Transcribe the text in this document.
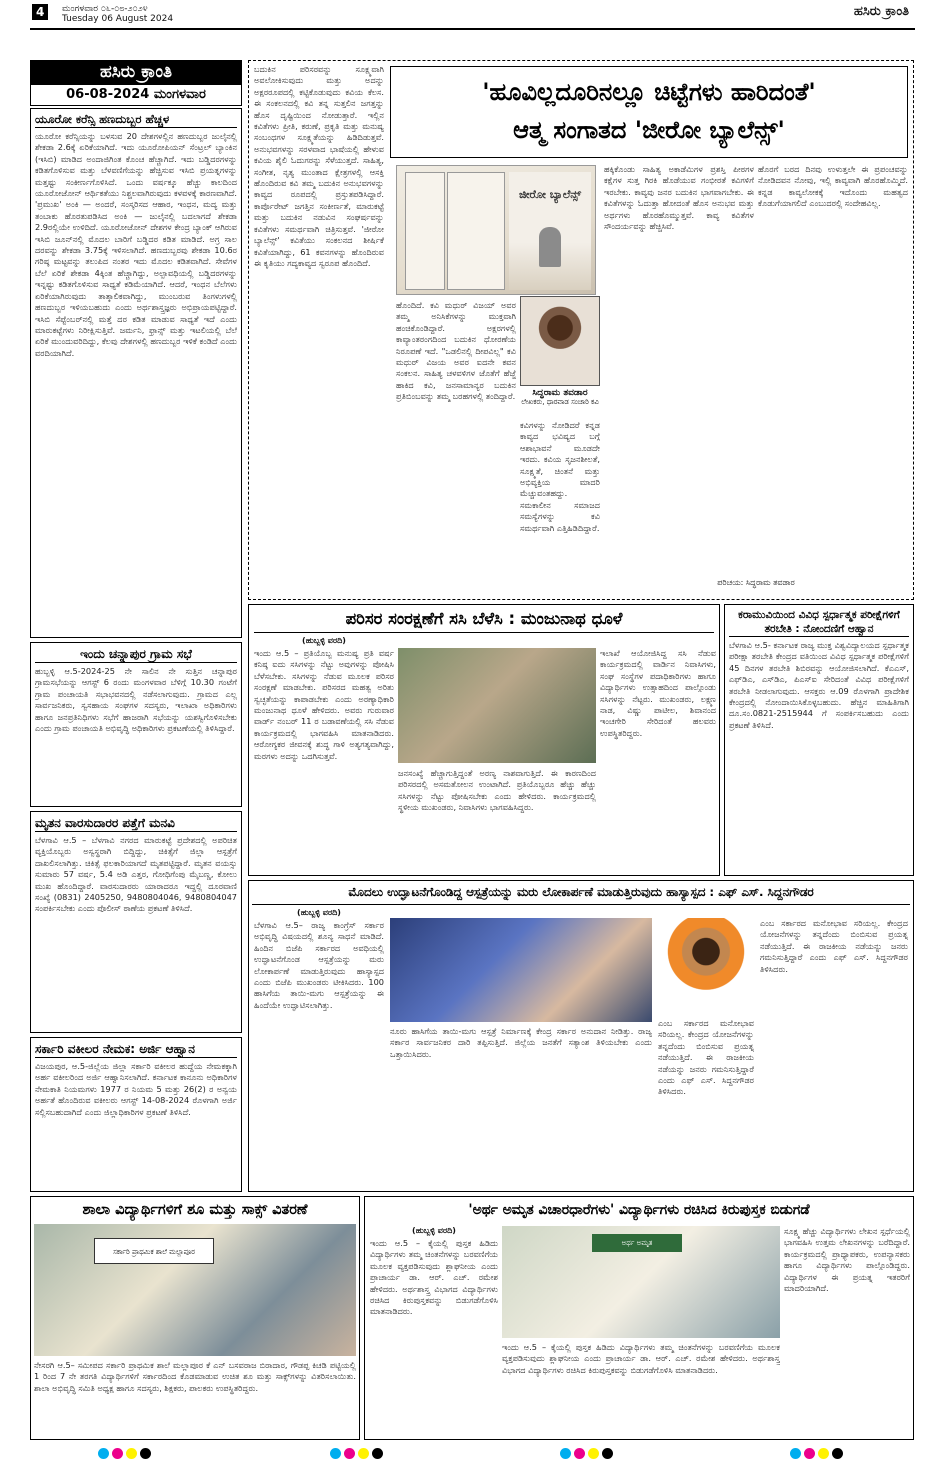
4	ಮಂಗಳವಾರ ೦೬-೦೮-೨೦೨೪
Tuesday 06 August 2024	ಹಸಿರು ಕ್ರಾಂತಿ
ಹಸಿರು ಕ್ರಾಂತಿ
06-08-2024 ಮಂಗಳವಾರ
ಯೂರೋ ಕರೆನ್ಸಿ ಹಣದುಬ್ಬರ ಹೆಚ್ಚಳ
ಯೂರೋ ಕರೆನ್ಸಿಯನ್ನು ಬಳಸುವ 20 ದೇಶಗಳಲ್ಲಿನ ಹಣದುಬ್ಬರ ಜುಲೈನಲ್ಲಿ ಶೇಕಡಾ 2.6ಕ್ಕೆ ಏರಿಕೆಯಾಗಿದೆ. ಇದು ಯೂರೋಪಿಯನ್ ಸೆಂಟ್ರಲ್ ಬ್ಯಾಂಕಿನ (ಇಸಿಬಿ) ಮಾಡಿದ ಅಂದಾಜಿಗಿಂತ ಕೊಂಚ ಹೆಚ್ಚಾಗಿದೆ. ಇದು ಬಡ್ಡಿದರಗಳನ್ನು ಕಡಿತಗೊಳಿಸುವ ಮತ್ತು ಬೆಳವಣಿಗೆಯನ್ನು ಹೆಚ್ಚಿಸುವ ಇಸಿಬಿ ಪ್ರಯತ್ನಗಳನ್ನು ಮತ್ತಷ್ಟು ಸಂಕೀರ್ಣಗೊಳಿಸಿದೆ. ಒಂದು ವರ್ಷಕ್ಕೂ ಹೆಚ್ಚು ಕಾಲದಿಂದ ಯೂರೋಜೋನ್ ಆರ್ಥಿಕತೆಯು ನಿಶ್ಚಲವಾಗಿರುವುದು ಕಳವಳಕ್ಕೆ ಕಾರಣವಾಗಿದೆ. 'ಪ್ರಮುಖ' ಅಂಕಿ — ಅಂದರೆ, ಸಂಸ್ಕರಿಸದ ಆಹಾರ, ಇಂಧನ, ಮದ್ಯ ಮತ್ತು ತಂಬಾಕು ಹೊರತುಪಡಿಸಿದ ಅಂಕಿ — ಜುಲೈನಲ್ಲಿ ಬದಲಾಗದೆ ಶೇಕಡಾ 2.9ರಲ್ಲಿಯೇ ಉಳಿದಿದೆ. ಯೂರೋಜೋನ್ ದೇಶಗಳ ಕೇಂದ್ರ ಬ್ಯಾಂಕ್ ಆಗಿರುವ ಇಸಿಬಿ ಜೂನ್‌ನಲ್ಲಿ ಮೊದಲ ಬಾರಿಗೆ ಬಡ್ಡಿದರ ಕಡಿತ ಮಾಡಿದೆ. ಅಗ್ರ ಸಾಲ ದರವನ್ನು ಶೇಕಡಾ 3.75ಕ್ಕೆ ಇಳಿಸಲಾಗಿದೆ. ಹಣದುಬ್ಬರವು ಶೇಕಡಾ 10.6ರ ಗರಿಷ್ಠ ಮಟ್ಟವನ್ನು ತಲುಪಿದ ನಂತರ ಇದು ಮೊದಲ ಕಡಿತವಾಗಿದೆ. ಸೇವೆಗಳ ಬೆಲೆ ಏರಿಕೆ ಶೇಕಡಾ 4ಕ್ಕಿಂತ ಹೆಚ್ಚಾಗಿದ್ದು, ಅಲ್ಪಾವಧಿಯಲ್ಲಿ ಬಡ್ಡಿದರಗಳನ್ನು ಇನ್ನಷ್ಟು ಕಡಿತಗೊಳಿಸುವ ಸಾಧ್ಯತೆ ಕಡಿಮೆಯಾಗಿದೆ. ಆದರೆ, ಇಂಧನ ಬೆಲೆಗಳು ಏರಿಕೆಯಾಗಿರುವುದು ತಾತ್ಕಾಲಿಕವಾಗಿದ್ದು, ಮುಂಬರುವ ತಿಂಗಳುಗಳಲ್ಲಿ ಹಣದುಬ್ಬರ ಇಳಿಯಬಹುದು ಎಂದು ಅರ್ಥಶಾಸ್ತ್ರಜ್ಞರು ಅಭಿಪ್ರಾಯಪಟ್ಟಿದ್ದಾರೆ. ಇಸಿಬಿ ಸೆಪ್ಟೆಂಬರ್‌ನಲ್ಲಿ ಮತ್ತೆ ದರ ಕಡಿತ ಮಾಡುವ ಸಾಧ್ಯತೆ ಇದೆ ಎಂದು ಮಾರುಕಟ್ಟೆಗಳು ನಿರೀಕ್ಷಿಸುತ್ತಿವೆ. ಜರ್ಮನಿ, ಫ್ರಾನ್ಸ್ ಮತ್ತು ಇಟಲಿಯಲ್ಲಿ ಬೆಲೆ ಏರಿಕೆ ಮುಂದುವರಿದಿದ್ದು, ಕೆಲವು ದೇಶಗಳಲ್ಲಿ ಹಣದುಬ್ಬರ ಇಳಿಕೆ ಕಂಡಿದೆ ಎಂದು ವರದಿಯಾಗಿದೆ.
ಇಂದು ಚನ್ನಾಪುರ ಗ್ರಾಮ ಸಭೆ
ಹುಬ್ಬಳ್ಳಿ ಆ.5-2024-25 ನೇ ಸಾಲಿನ ನೇ ಸುತ್ತಿನ ಚನ್ನಾಪುರ ಗ್ರಾಮಸಭೆಯನ್ನು ಆಗಸ್ಟ್ 6 ರಂದು ಮಂಗಳವಾರ ಬೆಳಿಗ್ಗೆ 10.30 ಗಂಟೆಗೆ ಗ್ರಾಮ ಪಂಚಾಯತಿ ಸಭಾಭವನದಲ್ಲಿ ನಡೆಸಲಾಗುವುದು. ಗ್ರಾಮದ ಎಲ್ಲ ಸಾರ್ವಜನಿಕರು, ಸ್ವಸಹಾಯ ಸಂಘಗಳ ಸದಸ್ಯರು, ಇಲಾಖಾ ಅಧಿಕಾರಿಗಳು ಹಾಗೂ ಜನಪ್ರತಿನಿಧಿಗಳು ಸಭೆಗೆ ಹಾಜರಾಗಿ ಸಭೆಯನ್ನು ಯಶಸ್ವಿಗೊಳಿಸಬೇಕು ಎಂದು ಗ್ರಾಮ ಪಂಚಾಯತಿ ಅಭಿವೃದ್ಧಿ ಅಧಿಕಾರಿಗಳು ಪ್ರಕಟಣೆಯಲ್ಲಿ ತಿಳಿಸಿದ್ದಾರೆ.
ಮೃತನ ವಾರಸುದಾರರ ಪತ್ತೆಗೆ ಮನವಿ
ಬೆಳಗಾವಿ ಆ.5 – ಬೆಳಗಾವಿ ನಗರದ ಮಾರುಕಟ್ಟೆ ಪ್ರದೇಶದಲ್ಲಿ ಅಪರಿಚಿತ ವ್ಯಕ್ತಿಯೊಬ್ಬರು ಅಸ್ವಸ್ಥರಾಗಿ ಬಿದ್ದಿದ್ದು, ಚಿಕಿತ್ಸೆಗೆ ಜಿಲ್ಲಾ ಆಸ್ಪತ್ರೆಗೆ ದಾಖಲಿಸಲಾಗಿತ್ತು. ಚಿಕಿತ್ಸೆ ಫಲಕಾರಿಯಾಗದೆ ಮೃತಪಟ್ಟಿದ್ದಾರೆ. ಮೃತನ ವಯಸ್ಸು ಸುಮಾರು 57 ವರ್ಷ, 5.4 ಅಡಿ ಎತ್ತರ, ಗೋಧಿಗೆಂಪು ಮೈಬಣ್ಣ, ಕೋಲು ಮುಖ ಹೊಂದಿದ್ದಾರೆ. ವಾರಸುದಾರರು ಯಾರಾದರೂ ಇದ್ದಲ್ಲಿ ದೂರವಾಣಿ ಸಂಖ್ಯೆ (0831) 2405250, 9480804046, 9480804047 ಸಂಪರ್ಕಿಸಬೇಕು ಎಂದು ಪೊಲೀಸ್ ಠಾಣೆಯ ಪ್ರಕಟಣೆ ತಿಳಿಸಿದೆ.
ಸರ್ಕಾರಿ ವಕೀಲರ ನೇಮಕ: ಅರ್ಜಿ ಆಹ್ವಾನ
ವಿಜಯಪುರ, ಆ.5-ಜಿಲ್ಲೆಯ ಜಿಲ್ಲಾ ಸರ್ಕಾರಿ ವಕೀಲರ ಹುದ್ದೆಯ ನೇಮಕಕ್ಕಾಗಿ ಅರ್ಹ ವಕೀಲರಿಂದ ಅರ್ಜಿ ಆಹ್ವಾನಿಸಲಾಗಿದೆ. ಕರ್ನಾಟಕ ಕಾನೂನು ಅಧಿಕಾರಿಗಳ ನೇಮಕಾತಿ ನಿಯಮಗಳು 1977 ರ ನಿಯಮ 5 ಮತ್ತು 26(2) ರ ಅನ್ವಯ ಅರ್ಹತೆ ಹೊಂದಿರುವ ವಕೀಲರು ಆಗಸ್ಟ್ 14-08-2024 ರೊಳಗಾಗಿ ಅರ್ಜಿ ಸಲ್ಲಿಸಬಹುದಾಗಿದೆ ಎಂದು ಜಿಲ್ಲಾಧಿಕಾರಿಗಳ ಪ್ರಕಟಣೆ ತಿಳಿಸಿದೆ.
ಬದುಕಿನ ಪರಿಸರವನ್ನು ಸೂಕ್ಷ್ಮವಾಗಿ ಅವಲೋಕಿಸುವುದು ಮತ್ತು ಅದನ್ನು ಅಕ್ಷರರೂಪದಲ್ಲಿ ಕಟ್ಟಿಕೊಡುವುದು ಕವಿಯ ಕೆಲಸ. ಈ ಸಂಕಲನದಲ್ಲಿ ಕವಿ ತನ್ನ ಸುತ್ತಲಿನ ಜಗತ್ತನ್ನು ಹೊಸ ದೃಷ್ಟಿಯಿಂದ ನೋಡುತ್ತಾರೆ. ಇಲ್ಲಿನ ಕವಿತೆಗಳು ಪ್ರೀತಿ, ಕರುಣೆ, ಪ್ರಕೃತಿ ಮತ್ತು ಮನುಷ್ಯ ಸಂಬಂಧಗಳ ಸೂಕ್ಷ್ಮತೆಯನ್ನು ಹಿಡಿದಿಡುತ್ತವೆ. ಅನುಭವಗಳನ್ನು ಸರಳವಾದ ಭಾಷೆಯಲ್ಲಿ ಹೇಳುವ ಕವಿಯ ಶೈಲಿ ಓದುಗರನ್ನು ಸೆಳೆಯುತ್ತದೆ. ಸಾಹಿತ್ಯ, ಸಂಗೀತ, ನೃತ್ಯ ಮುಂತಾದ ಕ್ಷೇತ್ರಗಳಲ್ಲಿ ಆಸಕ್ತಿ ಹೊಂದಿರುವ ಕವಿ ತಮ್ಮ ಬದುಕಿನ ಅನುಭವಗಳನ್ನು ಕಾವ್ಯದ ರೂಪದಲ್ಲಿ ಪ್ರಸ್ತುತಪಡಿಸಿದ್ದಾರೆ. ಕಾರ್ಪೊರೇಟ್ ಜಗತ್ತಿನ ಸಂಕೀರ್ಣತೆ, ಮಾರುಕಟ್ಟೆ ಮತ್ತು ಬದುಕಿನ ನಡುವಿನ ಸಂಘರ್ಷವನ್ನು ಕವಿತೆಗಳು ಸಮರ್ಥವಾಗಿ ಚಿತ್ರಿಸುತ್ತವೆ. 'ಜೀರೋ ಬ್ಯಾಲೆನ್ಸ್' ಕವಿತೆಯು ಸಂಕಲನದ ಶೀರ್ಷಿಕೆ ಕವಿತೆಯಾಗಿದ್ದು, 61 ಕವನಗಳನ್ನು ಹೊಂದಿರುವ ಈ ಕೃತಿಯು ಗದ್ಯಕಾವ್ಯದ ಸ್ವರೂಪ ಹೊಂದಿದೆ.
'ಹೂವಿಲ್ಲದೂರಿನಲ್ಲೂ ಚಿಟ್ಟೆಗಳು ಹಾರಿದಂತೆ'
ಆತ್ಮ ಸಂಗಾತದ 'ಜೀರೋ ಬ್ಯಾಲೆನ್ಸ್'
ಜೀರೋ ಬ್ಯಾಲೆನ್ಸ್
ಹೊಂದಿದೆ. ಕವಿ ಮಧುರ್ ವಿಜಯ್ ಅವರ ತಮ್ಮ ಅನಿಸಿಕೆಗಳನ್ನು ಮುಕ್ತವಾಗಿ ಹಂಚಿಕೊಂಡಿದ್ದಾರೆ. ಅಕ್ಷರಗಳಲ್ಲಿ ಕಾವ್ಯಾಂತರಂಗದಿಂದ ಬದುಕಿನ ಧೋರಣೆಯ ನಿರೂಪಣೆ ಇದೆ. "ಒಡಲಿನಲ್ಲಿ ದೀಪವಿಲ್ಲ" ಕವಿ ಮಧುರ್ ವಿಜಯ ಅವರ ಐದನೇ ಕವನ ಸಂಕಲನ. ಸಾಹಿತ್ಯ ಚಳವಳಿಗಳ ಜೊತೆಗೆ ಹೆಜ್ಜೆ ಹಾಕಿದ ಕವಿ, ಜನಸಾಮಾನ್ಯರ ಬದುಕಿನ ಪ್ರತಿಬಿಂಬವನ್ನು ತಮ್ಮ ಬರಹಗಳಲ್ಲಿ ತಂದಿದ್ದಾರೆ.	ಸಿದ್ಧರಾಮ ತವಡಾರ
ಲೇಖಕರು, ಧಾರವಾಡ ಸಂಚಾರಿ ಕವಿ
ಕವಿಗಳನ್ನು ನೋಡಿದರೆ ಕನ್ನಡ ಕಾವ್ಯದ ಭವಿಷ್ಯದ ಬಗ್ಗೆ ಆಶಾಭಾವನೆ ಮೂಡದೇ ಇರದು. ಕವಿಯ ಸೃಜನಶೀಲತೆ, ಸೂಕ್ಷ್ಮತೆ, ಚಿಂತನೆ ಮತ್ತು ಅಭಿವ್ಯಕ್ತಿಯ ಮಾದರಿ ಮೆಚ್ಚುವಂತಹದ್ದು. ಸಮಕಾಲೀನ ಸಮಾಜದ ಸಮಸ್ಯೆಗಳನ್ನು ಕವಿ ಸಮರ್ಥವಾಗಿ ಎತ್ತಿಹಿಡಿದಿದ್ದಾರೆ.
ಹಕ್ಕಿಕೊಂಡು ಸಾಹಿತ್ಯ ಅಕಾಡೆಮಿಗಳ ಪ್ರಶಸ್ತಿ ಪೀಠಗಳ ಕಕ್ಷೆಗಳ ಸುತ್ತ ಗಿರಕಿ ಹೊಡೆಯುವ ಗಂಭೀರತೆ ಕವಿಗಳಿಗೆ ಇರಬೇಕು. ಕಾವ್ಯವು ಜನರ ಬದುಕಿನ ಭಾಗವಾಗಬೇಕು. ಈ ಕವಿತೆಗಳನ್ನು ಓದುತ್ತಾ ಹೋದಂತೆ ಹೊಸ ಅನುಭವ ಮತ್ತು ಅರ್ಥಗಳು ಹೊರಹೊಮ್ಮುತ್ತವೆ. ಕಾವ್ಯ ಕವಿತೆಗಳ ಸೌಂದರ್ಯವನ್ನು ಹೆಚ್ಚಿಸಿವೆ.
ಹೊರಗೆ ಬರದ ದಿನವು ಉಳುತ್ತಲೇ ಈ ಪ್ರಪಂಚವನ್ನು ನೋಡಿದವನ ನೋವು, ಇಲ್ಲಿ ಕಾವ್ಯವಾಗಿ ಹೊರಹೊಮ್ಮಿದೆ. ಕನ್ನಡ ಕಾವ್ಯಲೋಕಕ್ಕೆ ಇದೊಂದು ಮಹತ್ವದ ಕೊಡುಗೆಯಾಗಲಿದೆ ಎಂಬುದರಲ್ಲಿ ಸಂದೇಹವಿಲ್ಲ.
ಪರಿಚಯ: ಸಿದ್ಧರಾಮ ತವಡಾರ
ಪರಿಸರ ಸಂರಕ್ಷಣೆಗೆ ಸಸಿ ಬೆಳೆಸಿ : ಮಂಜುನಾಥ ಧೂಳೆ
(ಹುಬ್ಬಳ್ಳಿ ವರದಿ)
ಇಂದು ಆ.5 – ಪ್ರತಿಯೊಬ್ಬ ಮನುಷ್ಯ ಪ್ರತಿ ವರ್ಷ ಕನಿಷ್ಠ ಐದು ಸಸಿಗಳನ್ನು ನೆಟ್ಟು ಅವುಗಳನ್ನು ಪೋಷಿಸಿ ಬೆಳೆಸಬೇಕು. ಸಸಿಗಳನ್ನು ನೆಡುವ ಮೂಲಕ ಪರಿಸರ ಸಂರಕ್ಷಣೆ ಮಾಡಬೇಕು. ಪರಿಸರದ ಮಹತ್ವ ಅರಿತು ಸ್ವಚ್ಛತೆಯನ್ನು ಕಾಪಾಡಬೇಕು ಎಂದು ಅರಣ್ಯಾಧಿಕಾರಿ ಮಂಜುನಾಥ ಧೂಳೆ ಹೇಳಿದರು. ಅವರು ಗುರುವಾರ ವಾರ್ಡ್ ನಂಬರ್ 11 ರ ಬಡಾವಣೆಯಲ್ಲಿ ಸಸಿ ನೆಡುವ ಕಾರ್ಯಕ್ರಮದಲ್ಲಿ ಭಾಗವಹಿಸಿ ಮಾತನಾಡಿದರು. ಆರೋಗ್ಯಕರ ಜೀವನಕ್ಕೆ ಶುದ್ಧ ಗಾಳಿ ಅತ್ಯಗತ್ಯವಾಗಿದ್ದು, ಮರಗಳು ಅದನ್ನು ಒದಗಿಸುತ್ತವೆ.
ಜನಸಂಖ್ಯೆ ಹೆಚ್ಚಾಗುತ್ತಿದ್ದಂತೆ ಅರಣ್ಯ ನಾಶವಾಗುತ್ತಿದೆ. ಈ ಕಾರಣದಿಂದ ಪರಿಸರದಲ್ಲಿ ಅಸಮತೋಲನ ಉಂಟಾಗಿದೆ. ಪ್ರತಿಯೊಬ್ಬರೂ ಹೆಚ್ಚು ಹೆಚ್ಚು ಸಸಿಗಳನ್ನು ನೆಟ್ಟು ಪೋಷಿಸಬೇಕು ಎಂದು ಹೇಳಿದರು. ಕಾರ್ಯಕ್ರಮದಲ್ಲಿ ಸ್ಥಳೀಯ ಮುಖಂಡರು, ನಿವಾಸಿಗಳು ಭಾಗವಹಿಸಿದ್ದರು.
ಇಲಾಖೆ ಆಯೋಜಿಸಿದ್ದ ಸಸಿ ನೆಡುವ ಕಾರ್ಯಕ್ರಮದಲ್ಲಿ ವಾರ್ಡಿನ ನಿವಾಸಿಗಳು, ಸಂಘ ಸಂಸ್ಥೆಗಳ ಪದಾಧಿಕಾರಿಗಳು ಹಾಗೂ ವಿದ್ಯಾರ್ಥಿಗಳು ಉತ್ಸಾಹದಿಂದ ಪಾಲ್ಗೊಂಡು ಸಸಿಗಳನ್ನು ನೆಟ್ಟರು. ಮುಖಂಡರು, ಲಕ್ಷ್ಮಣ ನಾಡ, ವಿಷ್ಣು ಪಾಟೀಲ, ಶಿವಾನಂದ ಇಂಚಗೇರಿ ಸೇರಿದಂತೆ ಹಲವರು ಉಪಸ್ಥಿತರಿದ್ದರು.
ಕರಾಮುವಿಯಿಂದ ವಿವಿಧ ಸ್ಪರ್ಧಾತ್ಮಕ ಪರೀಕ್ಷೆಗಳಿಗೆ ತರಬೇತಿ : ನೋಂದಣಿಗೆ ಆಹ್ವಾನ
ಬೆಳಗಾವಿ ಆ.5- ಕರ್ನಾಟಕ ರಾಜ್ಯ ಮುಕ್ತ ವಿಶ್ವವಿದ್ಯಾಲಯದ ಸ್ಪರ್ಧಾತ್ಮಕ ಪರೀಕ್ಷಾ ತರಬೇತಿ ಕೇಂದ್ರದ ವತಿಯಿಂದ ವಿವಿಧ ಸ್ಪರ್ಧಾತ್ಮಕ ಪರೀಕ್ಷೆಗಳಿಗೆ 45 ದಿನಗಳ ತರಬೇತಿ ಶಿಬಿರವನ್ನು ಆಯೋಜಿಸಲಾಗಿದೆ. ಕೆಎಎಸ್, ಎಫ್‌ಡಿಎ, ಎಸ್‌ಡಿಎ, ಪಿಎಸ್‌ಐ ಸೇರಿದಂತೆ ವಿವಿಧ ಪರೀಕ್ಷೆಗಳಿಗೆ ತರಬೇತಿ ನೀಡಲಾಗುವುದು. ಆಸಕ್ತರು ಆ.09 ರೊಳಗಾಗಿ ಪ್ರಾದೇಶಿಕ ಕೇಂದ್ರದಲ್ಲಿ ನೋಂದಾಯಿಸಿಕೊಳ್ಳಬಹುದು. ಹೆಚ್ಚಿನ ಮಾಹಿತಿಗಾಗಿ ದೂ.ಸಂ.0821-2515944 ಗೆ ಸಂಪರ್ಕಿಸಬಹುದು ಎಂದು ಪ್ರಕಟಣೆ ತಿಳಿಸಿದೆ.
ಮೊದಲು ಉದ್ಘಾಟನೆಗೊಂಡಿದ್ದ ಆಸ್ಪತ್ರೆಯನ್ನು ಮರು ಲೋಕಾರ್ಪಣೆ ಮಾಡುತ್ತಿರುವುದು ಹಾಸ್ಯಾಸ್ಪದ : ಎಫ್ ಎಸ್. ಸಿದ್ದನಗೌಡರ
(ಹುಬ್ಬಳ್ಳಿ ವರದಿ)
ಬೆಳಗಾವಿ ಆ.5– ರಾಜ್ಯ ಕಾಂಗ್ರೆಸ್ ಸರ್ಕಾರ ಅಭಿವೃದ್ಧಿ ವಿಷಯದಲ್ಲಿ ಶೂನ್ಯ ಸಾಧನೆ ಮಾಡಿದೆ. ಹಿಂದಿನ ಬಿಜೆಪಿ ಸರ್ಕಾರದ ಅವಧಿಯಲ್ಲಿ ಉದ್ಘಾಟನೆಗೊಂಡ ಆಸ್ಪತ್ರೆಯನ್ನು ಮರು ಲೋಕಾರ್ಪಣೆ ಮಾಡುತ್ತಿರುವುದು ಹಾಸ್ಯಾಸ್ಪದ ಎಂದು ಬಿಜೆಪಿ ಮುಖಂಡರು ಟೀಕಿಸಿದರು. 100 ಹಾಸಿಗೆಯ ತಾಯಿ-ಮಗು ಆಸ್ಪತ್ರೆಯನ್ನು ಈ ಹಿಂದೆಯೇ ಉದ್ಘಾಟಿಸಲಾಗಿತ್ತು.
ನೂರು ಹಾಸಿಗೆಯ ತಾಯಿ-ಮಗು ಆಸ್ಪತ್ರೆ ನಿರ್ಮಾಣಕ್ಕೆ ಕೇಂದ್ರ ಸರ್ಕಾರ ಅನುದಾನ ನೀಡಿತ್ತು. ರಾಜ್ಯ ಸರ್ಕಾರ ಸಾರ್ವಜನಿಕರ ದಾರಿ ತಪ್ಪಿಸುತ್ತಿದೆ. ಜಿಲ್ಲೆಯ ಜನತೆಗೆ ಸತ್ಯಾಂಶ ತಿಳಿಯಬೇಕು ಎಂದು ಒತ್ತಾಯಿಸಿದರು.
ಎಂಬ ಸರ್ಕಾರದ ಮನೋಭಾವ ಸರಿಯಲ್ಲ. ಕೇಂದ್ರದ ಯೋಜನೆಗಳನ್ನು ತನ್ನದೆಂದು ಬಿಂಬಿಸುವ ಪ್ರಯತ್ನ ನಡೆಯುತ್ತಿದೆ. ಈ ರಾಜಕೀಯ ನಡೆಯನ್ನು ಜನರು ಗಮನಿಸುತ್ತಿದ್ದಾರೆ ಎಂದು ಎಫ್ ಎಸ್. ಸಿದ್ದನಗೌಡರ ತಿಳಿಸಿದರು.
ಎಂಬ ಸರ್ಕಾರದ ಮನೋಭಾವ ಸರಿಯಲ್ಲ. ಕೇಂದ್ರದ ಯೋಜನೆಗಳನ್ನು ತನ್ನದೆಂದು ಬಿಂಬಿಸುವ ಪ್ರಯತ್ನ ನಡೆಯುತ್ತಿದೆ. ಈ ರಾಜಕೀಯ ನಡೆಯನ್ನು ಜನರು ಗಮನಿಸುತ್ತಿದ್ದಾರೆ ಎಂದು ಎಫ್ ಎಸ್. ಸಿದ್ದನಗೌಡರ ತಿಳಿಸಿದರು.
ಶಾಲಾ ವಿದ್ಯಾರ್ಥಿಗಳಿಗೆ ಶೂ ಮತ್ತು ಸಾಕ್ಸ್ ವಿತರಣೆ
ಸರ್ಕಾರಿ ಪ್ರಾಥಮಿಕ ಶಾಲೆ ಮಲ್ಲಾಪೂರ
ನೇಸರಗಿ ಆ.5– ಸಮೀಪದ ಸರ್ಕಾರಿ ಪ್ರಾಥಮಿಕ ಶಾಲೆ ಮಲ್ಲಾಪೂರ ಕೆ ಎನ್ ಬಸವರಾಜ ಬಿರಾದಾರ, ಗೌಡಪ್ಪ ಕಿಚಡಿ ಪಟ್ಟಿಯಲ್ಲಿ 1 ರಿಂದ 7 ನೇ ತರಗತಿ ವಿದ್ಯಾರ್ಥಿಗಳಿಗೆ ಸರ್ಕಾರದಿಂದ ಕೊಡಮಾಡುವ ಉಚಿತ ಶೂ ಮತ್ತು ಸಾಕ್ಸ್‌ಗಳನ್ನು ವಿತರಿಸಲಾಯಿತು. ಶಾಲಾ ಅಭಿವೃದ್ಧಿ ಸಮಿತಿ ಅಧ್ಯಕ್ಷ ಹಾಗೂ ಸದಸ್ಯರು, ಶಿಕ್ಷಕರು, ಪಾಲಕರು ಉಪಸ್ಥಿತರಿದ್ದರು.
'ಅರ್ಥ ಅಮೃತ ವಿಚಾರಧಾರೆಗಳು' ವಿದ್ಯಾರ್ಥಿಗಳು ರಚಿಸಿದ ಕಿರುಪುಸ್ತಕ ಬಿಡುಗಡೆ
(ಹುಬ್ಬಳ್ಳಿ ವರದಿ)
ಇಂದು ಆ.5 – ಕೈಯಲ್ಲಿ ಪುಸ್ತಕ ಹಿಡಿದು ವಿದ್ಯಾರ್ಥಿಗಳು ತಮ್ಮ ಚಿಂತನೆಗಳನ್ನು ಬರವಣಿಗೆಯ ಮೂಲಕ ವ್ಯಕ್ತಪಡಿಸುವುದು ಶ್ಲಾಘನೀಯ ಎಂದು ಪ್ರಾಚಾರ್ಯ ಡಾ. ಆರ್. ಎಚ್. ರಮೇಶ ಹೇಳಿದರು. ಅರ್ಥಶಾಸ್ತ್ರ ವಿಭಾಗದ ವಿದ್ಯಾರ್ಥಿಗಳು ರಚಿಸಿದ ಕಿರುಪುಸ್ತಕವನ್ನು ಬಿಡುಗಡೆಗೊಳಿಸಿ ಮಾತನಾಡಿದರು.
ಅರ್ಥ ಅಮೃತ
ಇಂದು ಆ.5 – ಕೈಯಲ್ಲಿ ಪುಸ್ತಕ ಹಿಡಿದು ವಿದ್ಯಾರ್ಥಿಗಳು ತಮ್ಮ ಚಿಂತನೆಗಳನ್ನು ಬರವಣಿಗೆಯ ಮೂಲಕ ವ್ಯಕ್ತಪಡಿಸುವುದು ಶ್ಲಾಘನೀಯ ಎಂದು ಪ್ರಾಚಾರ್ಯ ಡಾ. ಆರ್. ಎಚ್. ರಮೇಶ ಹೇಳಿದರು. ಅರ್ಥಶಾಸ್ತ್ರ ವಿಭಾಗದ ವಿದ್ಯಾರ್ಥಿಗಳು ರಚಿಸಿದ ಕಿರುಪುಸ್ತಕವನ್ನು ಬಿಡುಗಡೆಗೊಳಿಸಿ ಮಾತನಾಡಿದರು.
ಸೂಕ್ಷ್ಮ ಹೆಚ್ಚು ವಿದ್ಯಾರ್ಥಿಗಳು ಲೇಖನ ಸ್ಪರ್ಧೆಯಲ್ಲಿ ಭಾಗವಹಿಸಿ ಉತ್ತಮ ಲೇಖನಗಳನ್ನು ಬರೆದಿದ್ದಾರೆ. ಕಾರ್ಯಕ್ರಮದಲ್ಲಿ ಪ್ರಾಧ್ಯಾಪಕರು, ಉಪನ್ಯಾಸಕರು ಹಾಗೂ ವಿದ್ಯಾರ್ಥಿಗಳು ಪಾಲ್ಗೊಂಡಿದ್ದರು. ವಿದ್ಯಾರ್ಥಿಗಳ ಈ ಪ್ರಯತ್ನ ಇತರರಿಗೆ ಮಾದರಿಯಾಗಿದೆ.
